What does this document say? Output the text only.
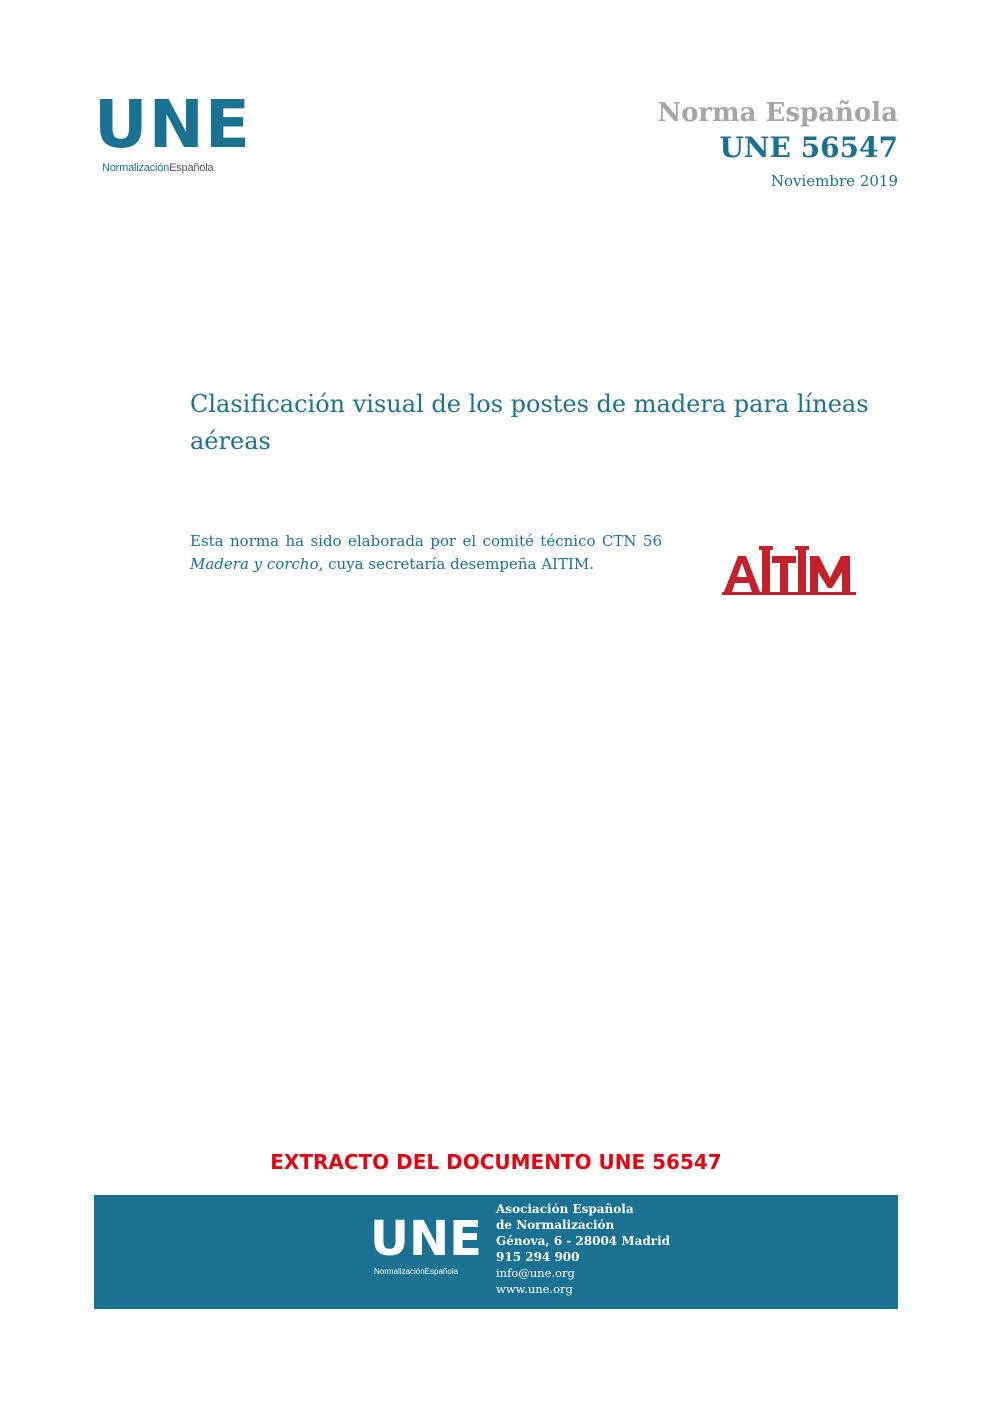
UNE
NormalizaciónEspañola
Norma Española
UNE 56547
Noviembre 2019
Clasificación visual de los postes de madera para líneas aéreas
Esta norma ha sido elaborada por el comité técnico CTN 56 Madera y corcho, cuya secretaría desempeña AITIM.
EXTRACTO DEL DOCUMENTO UNE 56547
UNE
NormalizaciónEspañola
Asociación Española
de Normalización
Génova, 6 - 28004 Madrid
915 294 900
info@une.org
www.une.org
